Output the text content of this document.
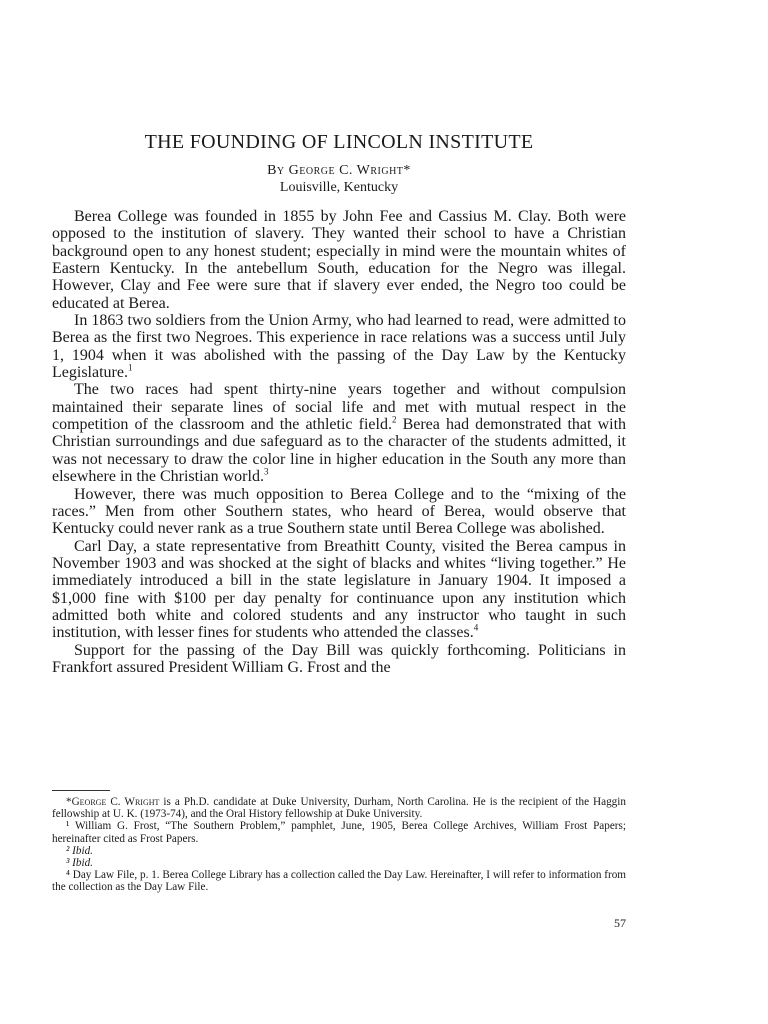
THE FOUNDING OF LINCOLN INSTITUTE
By George C. Wright*
Louisville, Kentucky

Berea College was founded in 1855 by John Fee and Cassius M. Clay. Both were opposed to the institution of slavery. They wanted their school to have a Christian background open to any honest student; especially in mind were the mountain whites of Eastern Kentucky. In the antebellum South, education for the Negro was illegal. However, Clay and Fee were sure that if slavery ever ended, the Negro too could be educated at Berea.

In 1863 two soldiers from the Union Army, who had learned to read, were admitted to Berea as the first two Negroes. This experience in race relations was a success until July 1, 1904 when it was abolished with the passing of the Day Law by the Kentucky Legislature.$^1$

The two races had spent thirty-nine years together and without compulsion maintained their separate lines of social life and met with mutual respect in the competition of the classroom and the athletic field.$^2$ Berea had demonstrated that with Christian surroundings and due safeguard as to the character of the students admitted, it was not necessary to draw the color line in higher education in the South any more than elsewhere in the Christian world.$^3$

However, there was much opposition to Berea College and to the “mixing of the races.” Men from other Southern states, who heard of Berea, would observe that Kentucky could never rank as a true Southern state until Berea College was abolished.

Carl Day, a state representative from Breathitt County, visited the Berea campus in November 1903 and was shocked at the sight of blacks and whites “living together.” He immediately introduced a bill in the state legislature in January 1904. It imposed a $1,000 fine with $100 per day penalty for continuance upon any institution which admitted both white and colored students and any instructor who taught in such institution, with lesser fines for students who attended the classes.$^4$

Support for the passing of the Day Bill was quickly forthcoming. Politicians in Frankfort assured President William G. Frost and the

*George C. Wright is a Ph.D. candidate at Duke University, Durham, North Carolina. He is the recipient of the Haggin fellowship at U. K. (1973-74), and the Oral History fellowship at Duke University.
¹ William G. Frost, “The Southern Problem,” pamphlet, June, 1905, Berea College Archives, William Frost Papers; hereinafter cited as Frost Papers.
² Ibid.
³ Ibid.
⁴ Day Law File, p. 1. Berea College Library has a collection called the Day Law. Hereinafter, I will refer to information from the collection as the Day Law File.
57
